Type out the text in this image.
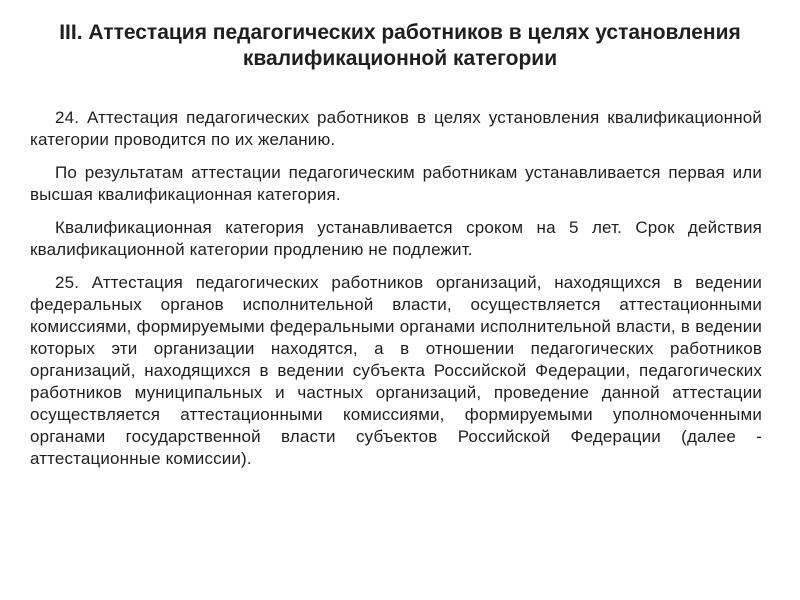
III. Аттестация педагогических работников в целях установления квалификационной категории

24. Аттестация педагогических работников в целях установления квалификационной категории проводится по их желанию.

По результатам аттестации педагогическим работникам устанавливается первая или высшая квалификационная категория.

Квалификационная категория устанавливается сроком на 5 лет. Срок действия квалификационной категории продлению не подлежит.

25. Аттестация педагогических работников организаций, находящихся в ведении федеральных органов исполнительной власти, осуществляется аттестационными комиссиями, формируемыми федеральными органами исполнительной власти, в ведении которых эти организации находятся, а в отношении педагогических работников организаций, находящихся в ведении субъекта Российской Федерации, педагогических работников муниципальных и частных организаций, проведение данной аттестации осуществляется аттестационными комиссиями, формируемыми уполномоченными органами государственной власти субъектов Российской Федерации (далее - аттестационные комиссии).
